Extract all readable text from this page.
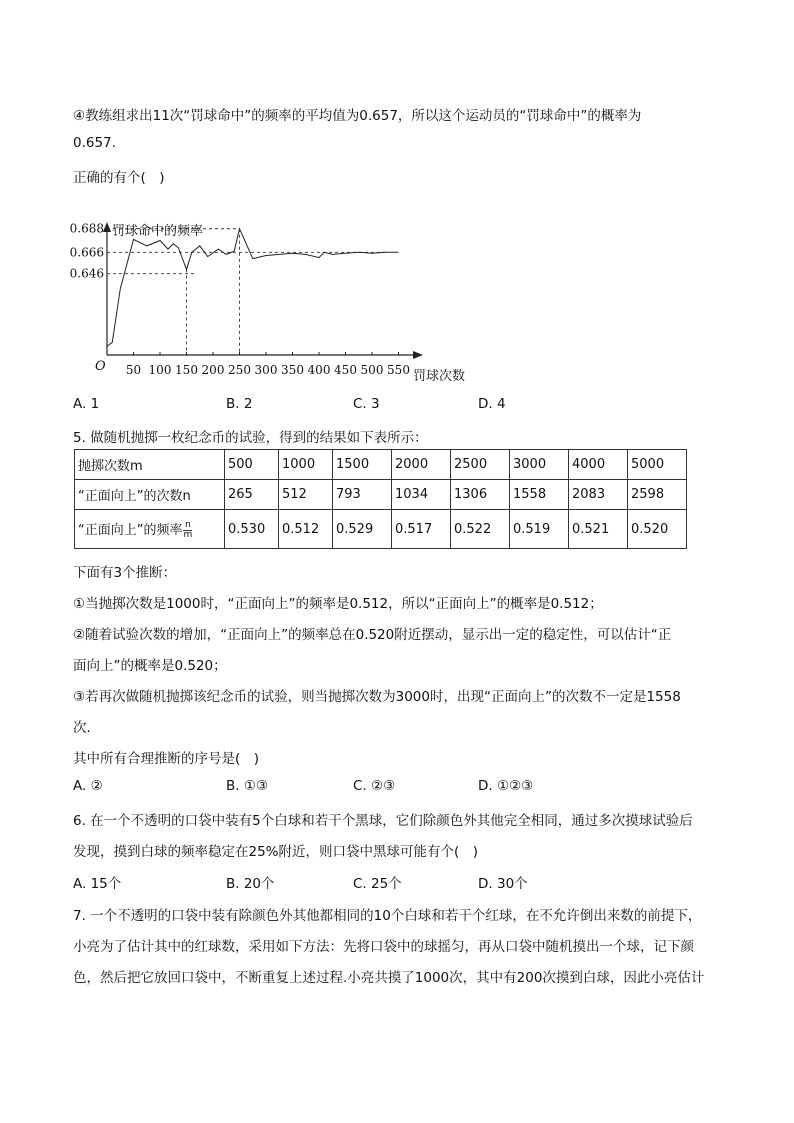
④教练组求出11次“罚球命中”的频率的平均值为0.657，所以这个运动员的“罚球命中”的概率为
0.657.
正确的有个(　)
50 100 150 200 250 300 350 400 450 500 550
0.646
0.666
0.688
O
罚球命中的频率
罚球次数
A. 1	B. 2	C. 3	D. 4
5. 做随机抛掷一枚纪念币的试验，得到的结果如下表所示：
抛掷次数m	500	1000	1500	2000	2500	3000	4000	5000
“正面向上”的次数n	265	512	793	1034	1306	1558	2083	2598
“正面向上”的频率 $\frac{n}{m}$	0.530	0.512	0.529	0.517	0.522	0.519	0.521	0.520
下面有3个推断：
①当抛掷次数是1000时，“正面向上”的频率是0.512，所以“正面向上”的概率是0.512；
②随着试验次数的增加，“正面向上”的频率总在0.520附近摆动，显示出一定的稳定性，可以估计“正
面向上”的概率是0.520；
③若再次做随机抛掷该纪念币的试验，则当抛掷次数为3000时，出现“正面向上”的次数不一定是1558
次.
其中所有合理推断的序号是(　)
A. ②	B. ①③	C. ②③	D. ①②③
6. 在一个不透明的口袋中装有5个白球和若干个黑球，它们除颜色外其他完全相同，通过多次摸球试验后
发现，摸到白球的频率稳定在25%附近，则口袋中黑球可能有个(　)
A. 15个	B. 20个	C. 25个	D. 30个
7. 一个不透明的口袋中装有除颜色外其他都相同的10个白球和若干个红球，在不允许倒出来数的前提下，
小亮为了估计其中的红球数，采用如下方法：先将口袋中的球摇匀，再从口袋中随机摸出一个球，记下颜
色，然后把它放回口袋中，不断重复上述过程.小亮共摸了1000次，其中有200次摸到白球，因此小亮估计
